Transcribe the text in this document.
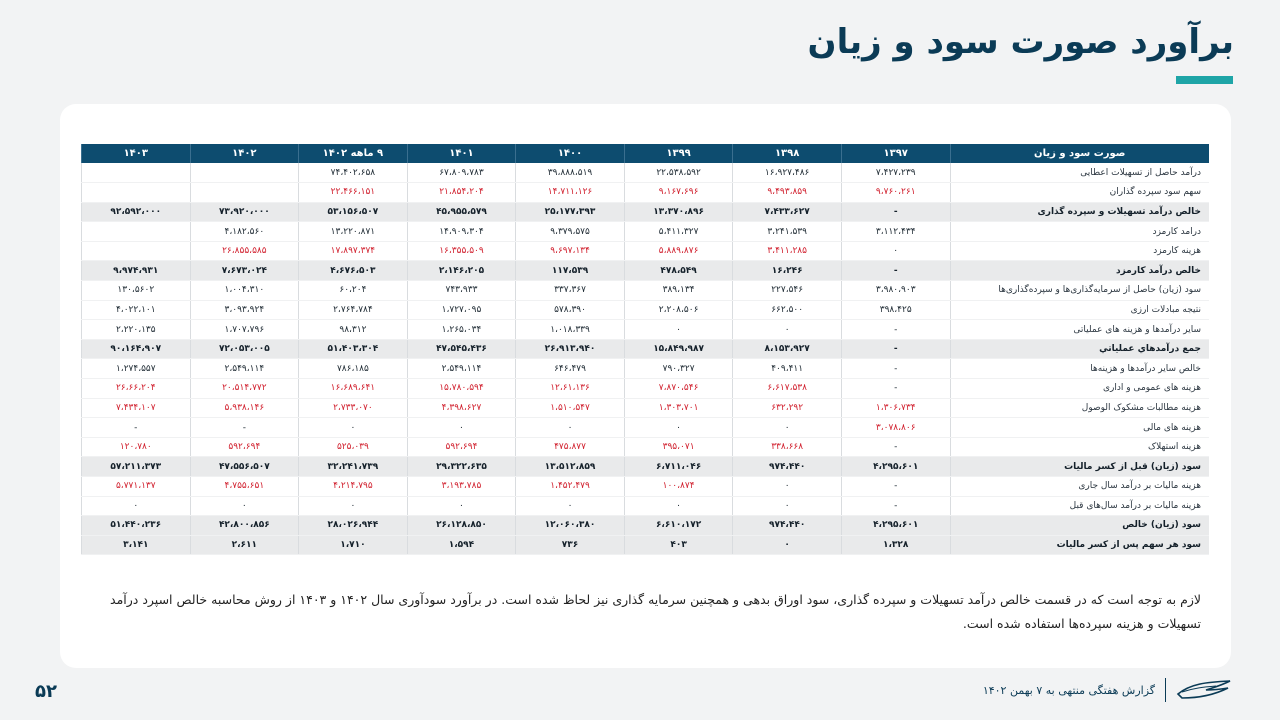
برآورد صورت سود و زیان
صورت سود و زیان	۱۳۹۷	۱۳۹۸	۱۳۹۹	۱۴۰۰	۱۴۰۱	۹ ماهه ۱۴۰۲	۱۴۰۲	۱۴۰۳
درآمد حاصل از تسهیلات اعطایی	۷،۴۲۷،۲۳۹	۱۶،۹۲۷،۴۸۶	۲۲،۵۳۸،۵۹۲	۳۹،۸۸۸،۵۱۹	۶۷،۸۰۹،۷۸۳	۷۴،۴۰۲،۶۵۸		
سهم سود سپرده گذاران	۹،۷۶۰،۲۶۱	۹،۴۹۳،۸۵۹	۹،۱۶۷،۶۹۶	۱۴،۷۱۱،۱۲۶	۲۱،۸۵۴،۲۰۴	۲۲،۴۶۶،۱۵۱		
خالص درآمد تسهیلات و سپرده گذاری	-	۷،۴۳۳،۶۲۷	۱۳،۳۷۰،۸۹۶	۲۵،۱۷۷،۳۹۳	۴۵،۹۵۵،۵۷۹	۵۳،۱۵۶،۵۰۷	۷۳،۹۲۰،۰۰۰	۹۲،۵۹۲،۰۰۰
درامد کارمزد	۳،۱۱۲،۴۳۴	۳،۲۴۱،۵۳۹	۵،۴۱۱،۳۲۷	۹،۳۷۹،۵۷۵	۱۴،۹۰۹،۳۰۴	۱۳،۲۲۰،۸۷۱	۴،۱۸۲،۵۶۰	
هزینه کارمزد	۰	۳،۴۱۱،۲۸۵	۵،۸۸۹،۸۷۶	۹،۶۹۷،۱۳۴	۱۶،۳۵۵،۵۰۹	۱۷،۸۹۷،۳۷۴	۲۶،۸۵۵،۵۸۵	
خالص درآمد کارمزد	-	۱۶،۲۴۶	۴۷۸،۵۴۹	۱۱۷،۵۳۹	۲،۱۴۶،۲۰۵	۴،۶۷۶،۵۰۳	۷،۶۷۳،۰۲۴	۹،۹۷۴،۹۳۱
سود (زیان) حاصل از سرمایه‌گذاری‌ها و سپرده‌گذاری‌ها	۳،۹۸۰،۹۰۳	۲۲۷،۵۴۶	۳۸۹،۱۳۴	۳۳۷،۳۶۷	۷۴۳،۹۳۳	۶۰،۲۰۴	۱،۰۰۴،۳۱۰	۱۳۰،۵۶۰۲
نتیجه مبادلات ارزی	۳۹۸،۴۲۵	۶۶۲،۵۰۰	۲،۲۰۸،۵۰۶	۵۷۸،۳۹۰	۱،۷۲۷،۰۹۵	۲،۷۶۴،۷۸۴	۳،۰۹۳،۹۲۴	۴،۰۲۲،۱۰۱
سایر درآمدها و هزینه های عملیاتی	-	۰	۰	۱،۰۱۸،۳۳۹	۱،۲۶۵،۰۳۴	۹۸،۳۱۲	۱،۷۰۷،۷۹۶	۲،۲۲۰،۱۳۵
جمع درآمدهاي عملياتي	-	۸،۱۵۳،۹۲۷	۱۵،۸۴۹،۹۸۷	۲۶،۹۱۳،۹۴۰	۴۷،۵۴۵،۴۳۶	۵۱،۴۰۳،۳۰۴	۷۲،۰۵۳،۰۰۵	۹۰،۱۶۴،۹۰۷
خالص سایر درآمدها و هزینه‌ها	-	۴۰۹،۴۱۱	۷۹۰،۳۲۷	۶۴۶،۴۷۹	۲،۵۴۹،۱۱۴	۷۸۶،۱۸۵	۲،۵۴۹،۱۱۴	۱،۲۷۴،۵۵۷
هزینه های عمومی و اداری	-	۶،۶۱۷،۵۳۸	۷،۸۷۰،۵۴۶	۱۲،۶۱،۱۳۶	۱۵،۷۸۰،۵۹۴	۱۶،۶۸۹،۶۴۱	۲۰،۵۱۴،۷۷۲	۲۶،۶۶،۲۰۴
هزینه مطالبات مشکوک الوصول	۱،۳۰۶،۷۳۴	۶۳۲،۲۹۲	۱،۳۰۳،۷۰۱	۱،۵۱۰،۵۴۷	۴،۳۹۸،۶۲۷	۲،۷۳۳،۰۷۰	۵،۹۳۸،۱۴۶	۷،۴۳۴،۱۰۷
هزینه های مالی	۳،۰۷۸،۸۰۶	۰	۰	۰	۰	۰	-	-
هزینه استهلاک	-	۳۳۸،۶۶۸	۳۹۵،۰۷۱	۴۷۵،۸۷۷	۵۹۲،۶۹۴	۵۲۵،۰۳۹	۵۹۲،۶۹۴	۱۲۰،۷۸۰
سود (زیان) قبل از کسر مالیات	۴،۲۹۵،۶۰۱	۹۷۴،۴۴۰	۶،۷۱۱،۰۴۶	۱۳،۵۱۲،۸۵۹	۲۹،۳۲۲،۶۳۵	۳۲،۲۴۱،۷۳۹	۴۷،۵۵۶،۵۰۷	۵۷،۲۱۱،۳۷۳
هزینه مالیات بر درآمد سال جاری	-	۰	۱۰۰،۸۷۴	۱،۴۵۲،۴۷۹	۳،۱۹۳،۷۸۵	۴،۲۱۴،۷۹۵	۴،۷۵۵،۶۵۱	۵،۷۷۱،۱۳۷
هزینه مالیات بر درآمد سال‌های قبل	-	۰	۰	۰	۰	۰	۰	۰
سود (زیان) خالص	۴،۲۹۵،۶۰۱	۹۷۴،۴۴۰	۶،۶۱۰،۱۷۲	۱۲،۰۶۰،۳۸۰	۲۶،۱۲۸،۸۵۰	۲۸،۰۲۶،۹۴۴	۴۲،۸۰۰،۸۵۶	۵۱،۴۴۰،۲۳۶
سود هر سهم پس از کسر مالیات	۱،۳۲۸	۰	۴۰۳	۷۳۶	۱،۵۹۴	۱،۷۱۰	۲،۶۱۱	۳،۱۴۱
لازم به توجه است که در قسمت خالص درآمد تسهیلات و سپرده گذاری، سود اوراق بدهی و همچنین سرمایه گذاری نیز لحاظ شده است. در برآورد سودآوری سال ۱۴۰۲ و ۱۴۰۳ از روش محاسبه خالص اسپرد درآمد تسهیلات و هزینه سپرده‌ها استفاده شده است.
۵۲	گزارش هفتگی منتهی به ۷ بهمن ۱۴۰۲
